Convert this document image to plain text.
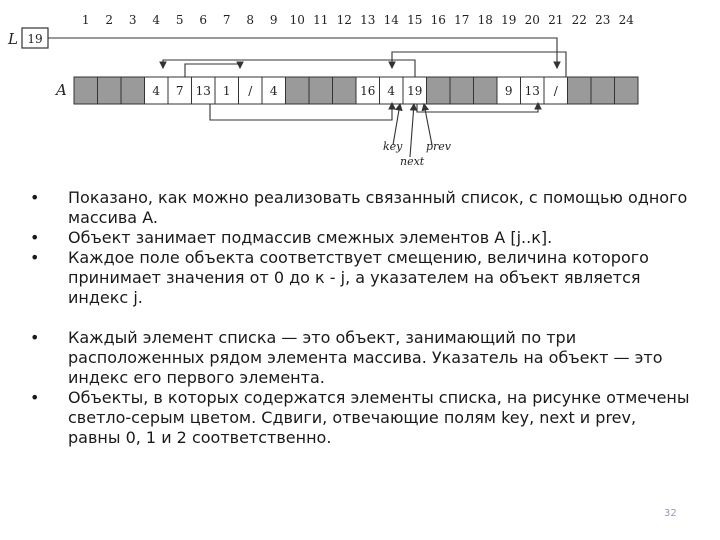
1 2 3 4 5 6 7 8 9 10 11 12 13 14 15 16 17 18 19 20 21 22 23 24
L 19
A	4 7 13 1 / 4	16 4 19	9 13 /
key
next
prev
• Показано, как можно реализовать связанный список, с помощью одного массива A.
• Объект занимает подмассив смежных элементов A [j..к].
• Каждое поле объекта соответствует смещению, величина которого принимает значения от 0 до к - j, а указателем на объект является индекс j.
• Каждый элемент списка — это объект, занимающий по три расположенных рядом элемента массива. Указатель на объект — это индекс его первого элемента.
• Объекты, в которых содержатся элементы списка, на рисунке отмечены светло-серым цветом. Сдвиги, отвечающие полям key, next и prev, равны 0, 1 и 2 соответственно.
32
